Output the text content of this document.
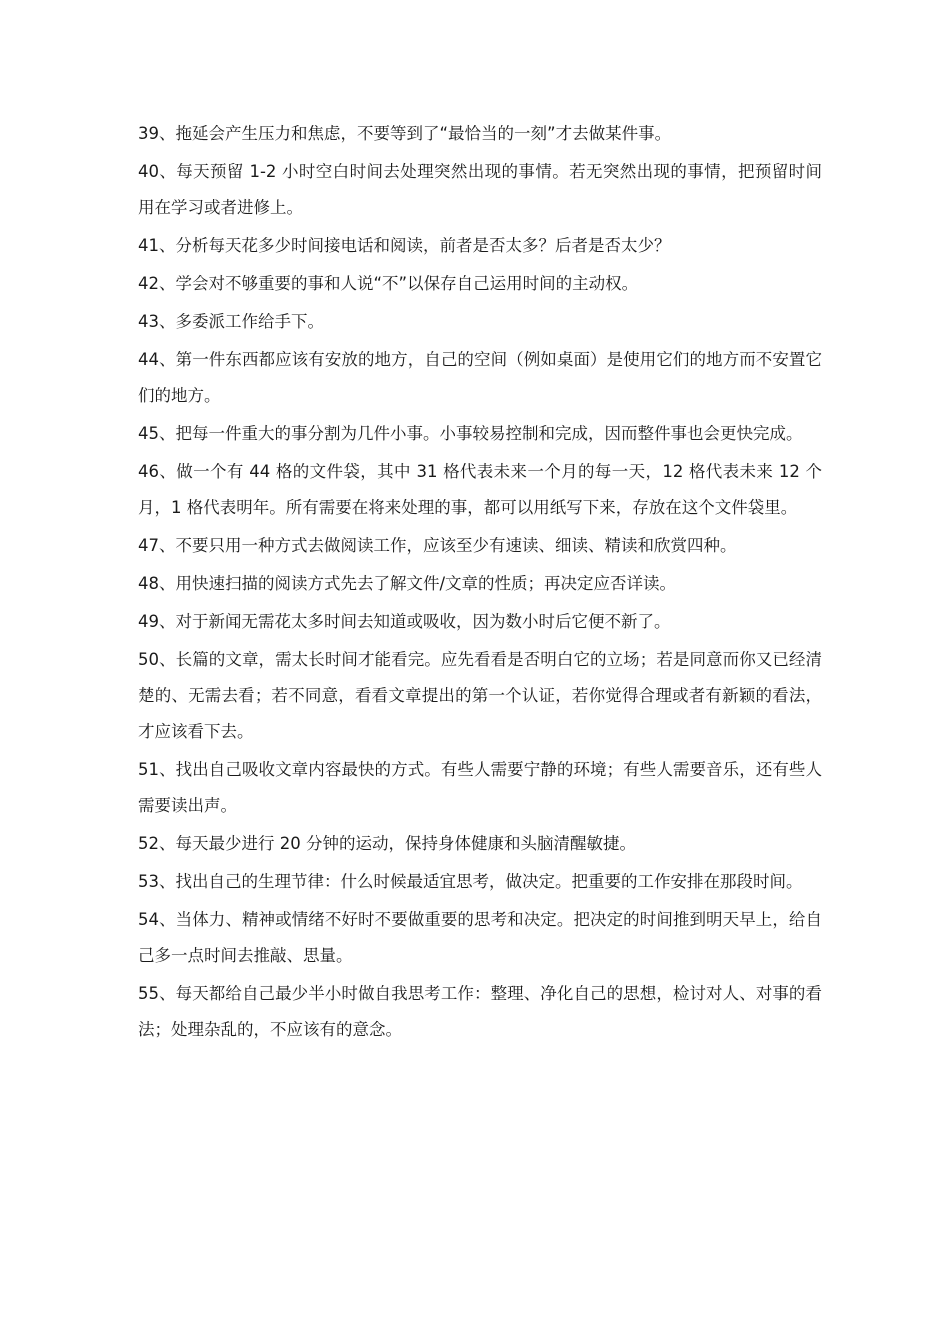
39、拖延会产生压力和焦虑，不要等到了“最恰当的一刻”才去做某件事。

40、每天预留 1-2 小时空白时间去处理突然出现的事情。若无突然出现的事情，把预留时间用在学习或者进修上。

41、分析每天花多少时间接电话和阅读，前者是否太多？后者是否太少？

42、学会对不够重要的事和人说“不”以保存自己运用时间的主动权。

43、多委派工作给手下。

44、第一件东西都应该有安放的地方，自己的空间（例如桌面）是使用它们的地方而不安置它们的地方。

45、把每一件重大的事分割为几件小事。小事较易控制和完成，因而整件事也会更快完成。

46、做一个有 44 格的文件袋，其中 31 格代表未来一个月的每一天，12 格代表未来 12 个月，1 格代表明年。所有需要在将来处理的事，都可以用纸写下来，存放在这个文件袋里。

47、不要只用一种方式去做阅读工作，应该至少有速读、细读、精读和欣赏四种。

48、用快速扫描的阅读方式先去了解文件/文章的性质；再决定应否详读。

49、对于新闻无需花太多时间去知道或吸收，因为数小时后它便不新了。

50、长篇的文章，需太长时间才能看完。应先看看是否明白它的立场；若是同意而你又已经清楚的、无需去看；若不同意，看看文章提出的第一个认证，若你觉得合理或者有新颖的看法，才应该看下去。

51、找出自己吸收文章内容最快的方式。有些人需要宁静的环境；有些人需要音乐，还有些人需要读出声。

52、每天最少进行 20 分钟的运动，保持身体健康和头脑清醒敏捷。

53、找出自己的生理节律：什么时候最适宜思考，做决定。把重要的工作安排在那段时间。

54、当体力、精神或情绪不好时不要做重要的思考和决定。把决定的时间推到明天早上，给自己多一点时间去推敲、思量。

55、每天都给自己最少半小时做自我思考工作：整理、净化自己的思想，检讨对人、对事的看法；处理杂乱的，不应该有的意念。
